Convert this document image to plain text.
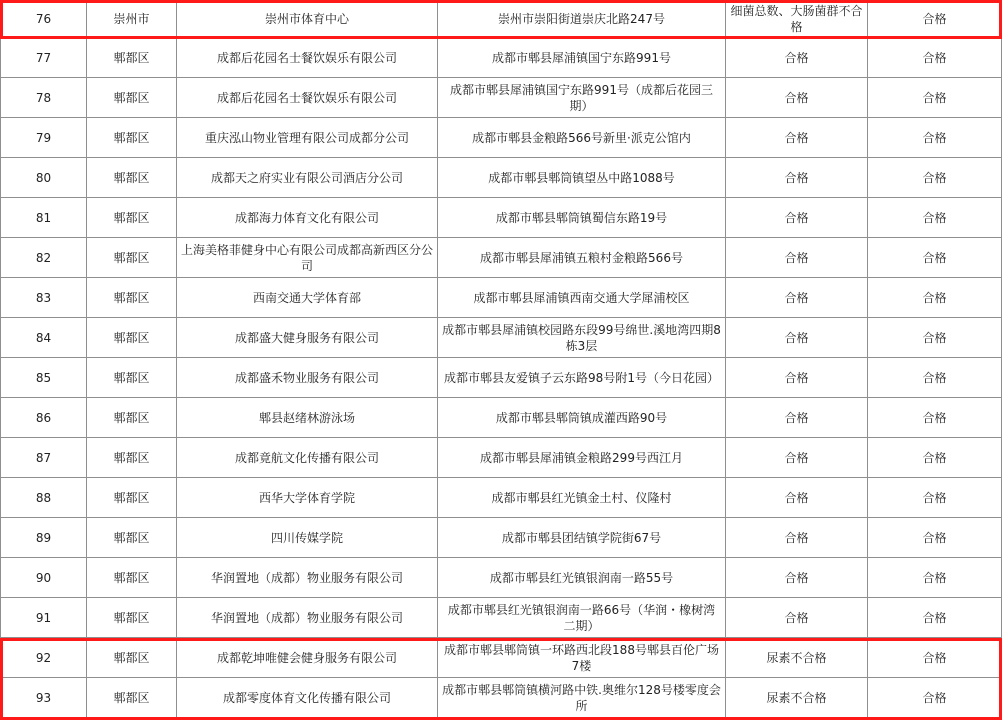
76	崇州市	崇州市体育中心	崇州市崇阳街道崇庆北路247号	细菌总数、大肠菌群不合格	合格
77	郫都区	成都后花园名士餐饮娱乐有限公司	成都市郫县犀浦镇国宁东路991号	合格	合格
78	郫都区	成都后花园名士餐饮娱乐有限公司	成都市郫县犀浦镇国宁东路991号（成都后花园三期）	合格	合格
79	郫都区	重庆泓山物业管理有限公司成都分公司	成都市郫县金粮路566号新里·派克公馆内	合格	合格
80	郫都区	成都天之府实业有限公司酒店分公司	成都市郫县郫筒镇望丛中路1088号	合格	合格
81	郫都区	成都海力体育文化有限公司	成都市郫县郫筒镇蜀信东路19号	合格	合格
82	郫都区	上海美格菲健身中心有限公司成都高新西区分公司	成都市郫县犀浦镇五粮村金粮路566号	合格	合格
83	郫都区	西南交通大学体育部	成都市郫县犀浦镇西南交通大学犀浦校区	合格	合格
84	郫都区	成都盛大健身服务有限公司	成都市郫县犀浦镇校园路东段99号绵世.溪地湾四期8栋3层	合格	合格
85	郫都区	成都盛禾物业服务有限公司	成都市郫县友爱镇子云东路98号附1号（今日花园）	合格	合格
86	郫都区	郫县赵绪林游泳场	成都市郫县郫筒镇成灌西路90号	合格	合格
87	郫都区	成都竟航文化传播有限公司	成都市郫县犀浦镇金粮路299号西江月	合格	合格
88	郫都区	西华大学体育学院	成都市郫县红光镇金土村、仪隆村	合格	合格
89	郫都区	四川传媒学院	成都市郫县团结镇学院街67号	合格	合格
90	郫都区	华润置地（成都）物业服务有限公司	成都市郫县红光镇银润南一路55号	合格	合格
91	郫都区	华润置地（成都）物业服务有限公司	成都市郫县红光镇银润南一路66号（华润・橡树湾二期）	合格	合格
92	郫都区	成都乾坤唯健会健身服务有限公司	成都市郫县郫筒镇一环路西北段188号郫县百伦广场7楼	尿素不合格	合格
93	郫都区	成都零度体育文化传播有限公司	成都市郫县郫筒镇横河路中铁.奥维尔128号楼零度会所	尿素不合格	合格
